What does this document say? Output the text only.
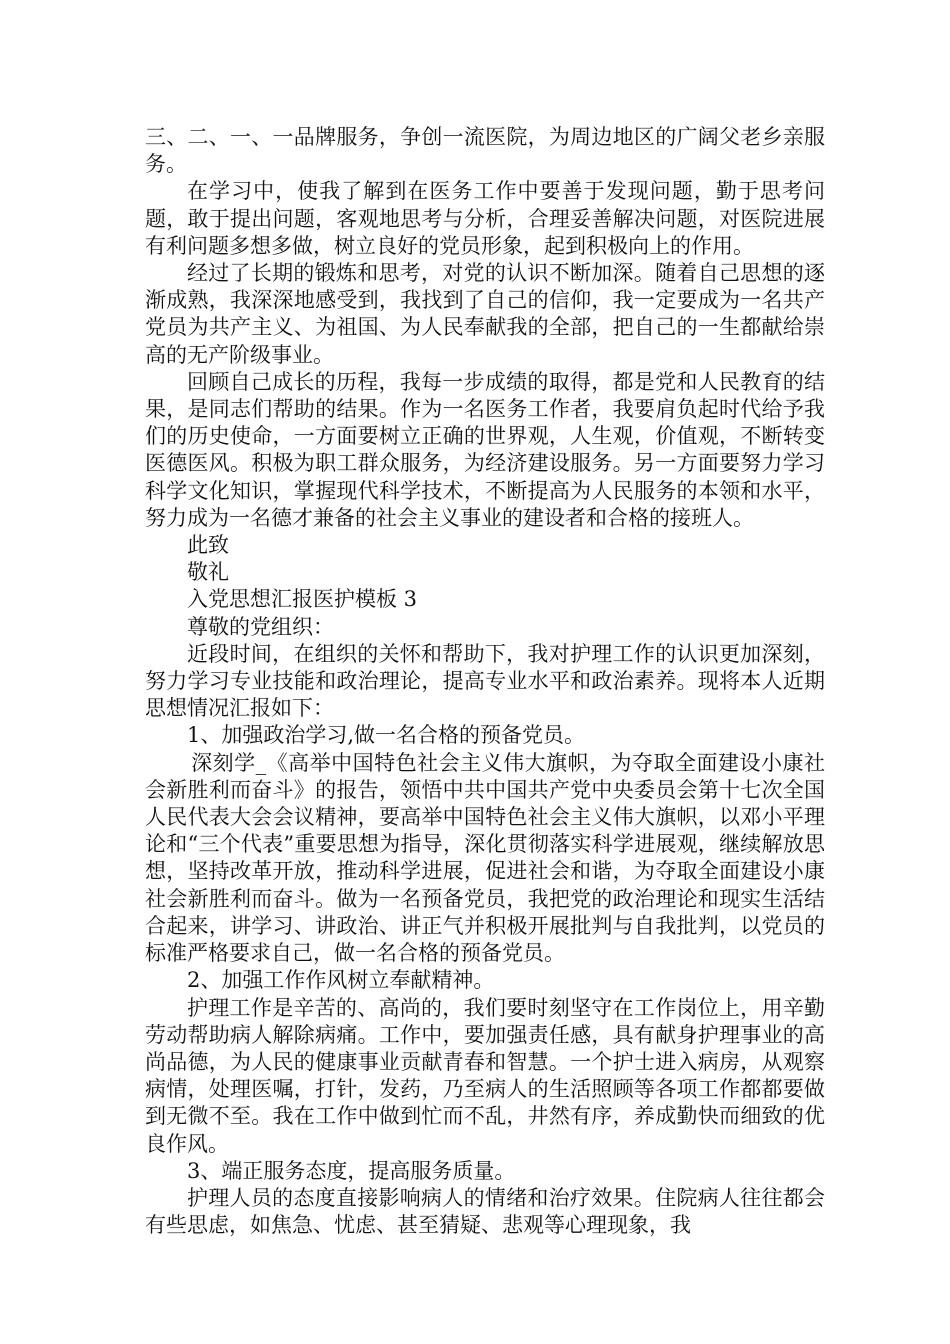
三、二、一、一品牌服务，争创一流医院，为周边地区的广阔父老乡亲服务。

在学习中，使我了解到在医务工作中要善于发现问题，勤于思考问题，敢于提出问题，客观地思考与分析，合理妥善解决问题，对医院进展有利问题多想多做，树立良好的党员形象，起到积极向上的作用。

经过了长期的锻炼和思考，对党的认识不断加深。随着自己思想的逐渐成熟，我深深地感受到，我找到了自己的信仰，我一定要成为一名共产党员为共产主义、为祖国、为人民奉献我的全部，把自己的一生都献给崇高的无产阶级事业。

回顾自己成长的历程，我每一步成绩的取得，都是党和人民教育的结果，是同志们帮助的结果。作为一名医务工作者，我要肩负起时代给予我们的历史使命，一方面要树立正确的世界观，人生观，价值观，不断转变医德医风。积极为职工群众服务，为经济建设服务。另一方面要努力学习科学文化知识，掌握现代科学技术，不断提高为人民服务的本领和水平，努力成为一名德才兼备的社会主义事业的建设者和合格的接班人。

此致

敬礼

入党思想汇报医护模板 3

尊敬的党组织：

近段时间，在组织的关怀和帮助下，我对护理工作的认识更加深刻，努力学习专业技能和政治理论，提高专业水平和政治素养。现将本人近期思想情况汇报如下：

1、加强政治学习,做一名合格的预备党员。

深刻学_《高举中国特色社会主义伟大旗帜，为夺取全面建设小康社会新胜利而奋斗》的报告，领悟中共中国共产党中央委员会第十七次全国人民代表大会会议精神，要高举中国特色社会主义伟大旗帜，以邓小平理论和“三个代表”重要思想为指导，深化贯彻落实科学进展观，继续解放思想，坚持改革开放，推动科学进展，促进社会和谐，为夺取全面建设小康社会新胜利而奋斗。做为一名预备党员，我把党的政治理论和现实生活结合起来，讲学习、讲政治、讲正气并积极开展批判与自我批判，以党员的标准严格要求自己，做一名合格的预备党员。

2、加强工作作风树立奉献精神。

护理工作是辛苦的、高尚的，我们要时刻坚守在工作岗位上，用辛勤劳动帮助病人解除病痛。工作中，要加强责任感，具有献身护理事业的高尚品德，为人民的健康事业贡献青春和智慧。一个护士进入病房，从观察病情，处理医嘱，打针，发药，乃至病人的生活照顾等各项工作都都要做到无微不至。我在工作中做到忙而不乱，井然有序，养成勤快而细致的优良作风。

3、端正服务态度，提高服务质量。

护理人员的态度直接影响病人的情绪和治疗效果。住院病人往往都会有些思虑，如焦急、忧虑、甚至猜疑、悲观等心理现象，我
